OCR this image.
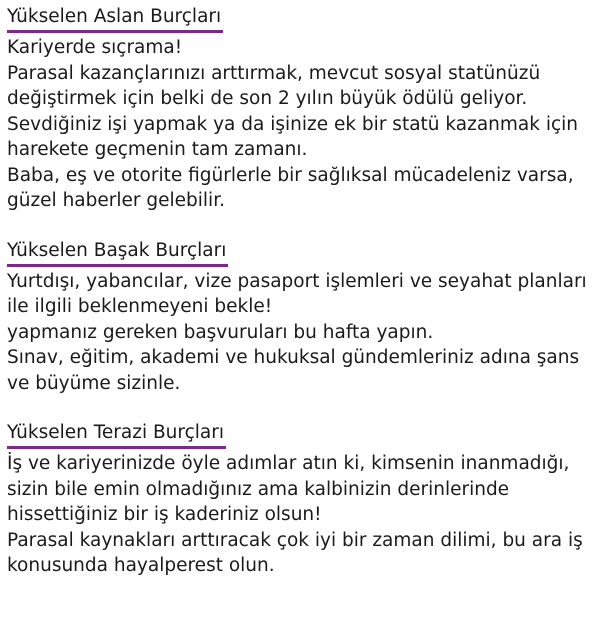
Yükselen Aslan Burçları
Kariyerde sıçrama!
Parasal kazançlarınızı arttırmak, mevcut sosyal statünüzü
değiştirmek için belki de son 2 yılın büyük ödülü geliyor.
Sevdiğiniz işi yapmak ya da işinize ek bir statü kazanmak için
harekete geçmenin tam zamanı.
Baba, eş ve otorite figürlerle bir sağlıksal mücadeleniz varsa,
güzel haberler gelebilir.
Yükselen Başak Burçları
Yurtdışı, yabancılar, vize pasaport işlemleri ve seyahat planları
ile ilgili beklenmeyeni bekle!
yapmanız gereken başvuruları bu hafta yapın.
Sınav, eğitim, akademi ve hukuksal gündemleriniz adına şans
ve büyüme sizinle.
Yükselen Terazi Burçları
İş ve kariyerinizde öyle adımlar atın ki, kimsenin inanmadığı,
sizin bile emin olmadığınız ama kalbinizin derinlerinde
hissettiğiniz bir iş kaderiniz olsun!
Parasal kaynakları arttıracak çok iyi bir zaman dilimi, bu ara iş
konusunda hayalperest olun.
